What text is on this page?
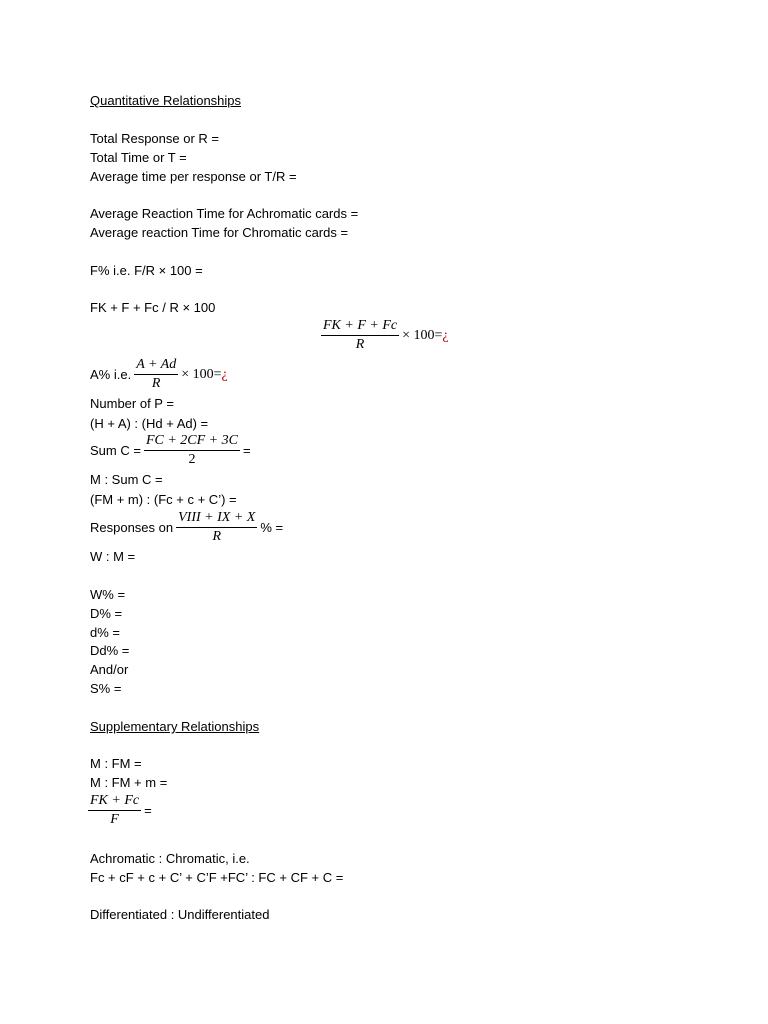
Quantitative Relationships
Total Response or R =
Total Time or T =
Average time per response or T/R =
Average Reaction Time for Achromatic cards =
Average reaction Time for Chromatic cards =
F% i.e. F/R × 100 =
FK + F + Fc / R × 100
$\frac{FK + F + Fc}{R} \times 100=$ ¿
A% i.e. $\frac{A + Ad}{R} \times 100=$ ¿
Number of P =
(H + A) : (Hd + Ad) =
Sum $C = \frac{FC + 2CF + 3C}{2}$ =
M : Sum C =
(FM + m) : (Fc + c + C’) =
Responses on $\frac{\text{VIII + IX + X}}{R}$ % =
W : M =
W% =
D% =
d% =
Dd% =
And/or
S% =
Supplementary Relationships
M : FM =
M : FM + m =
$\frac{FK + Fc}{F}$ =
Achromatic : Chromatic, i.e.
Fc + cF + c + C’ + C’F +FC’ : FC + CF + C =
Differentiated : Undifferentiated
